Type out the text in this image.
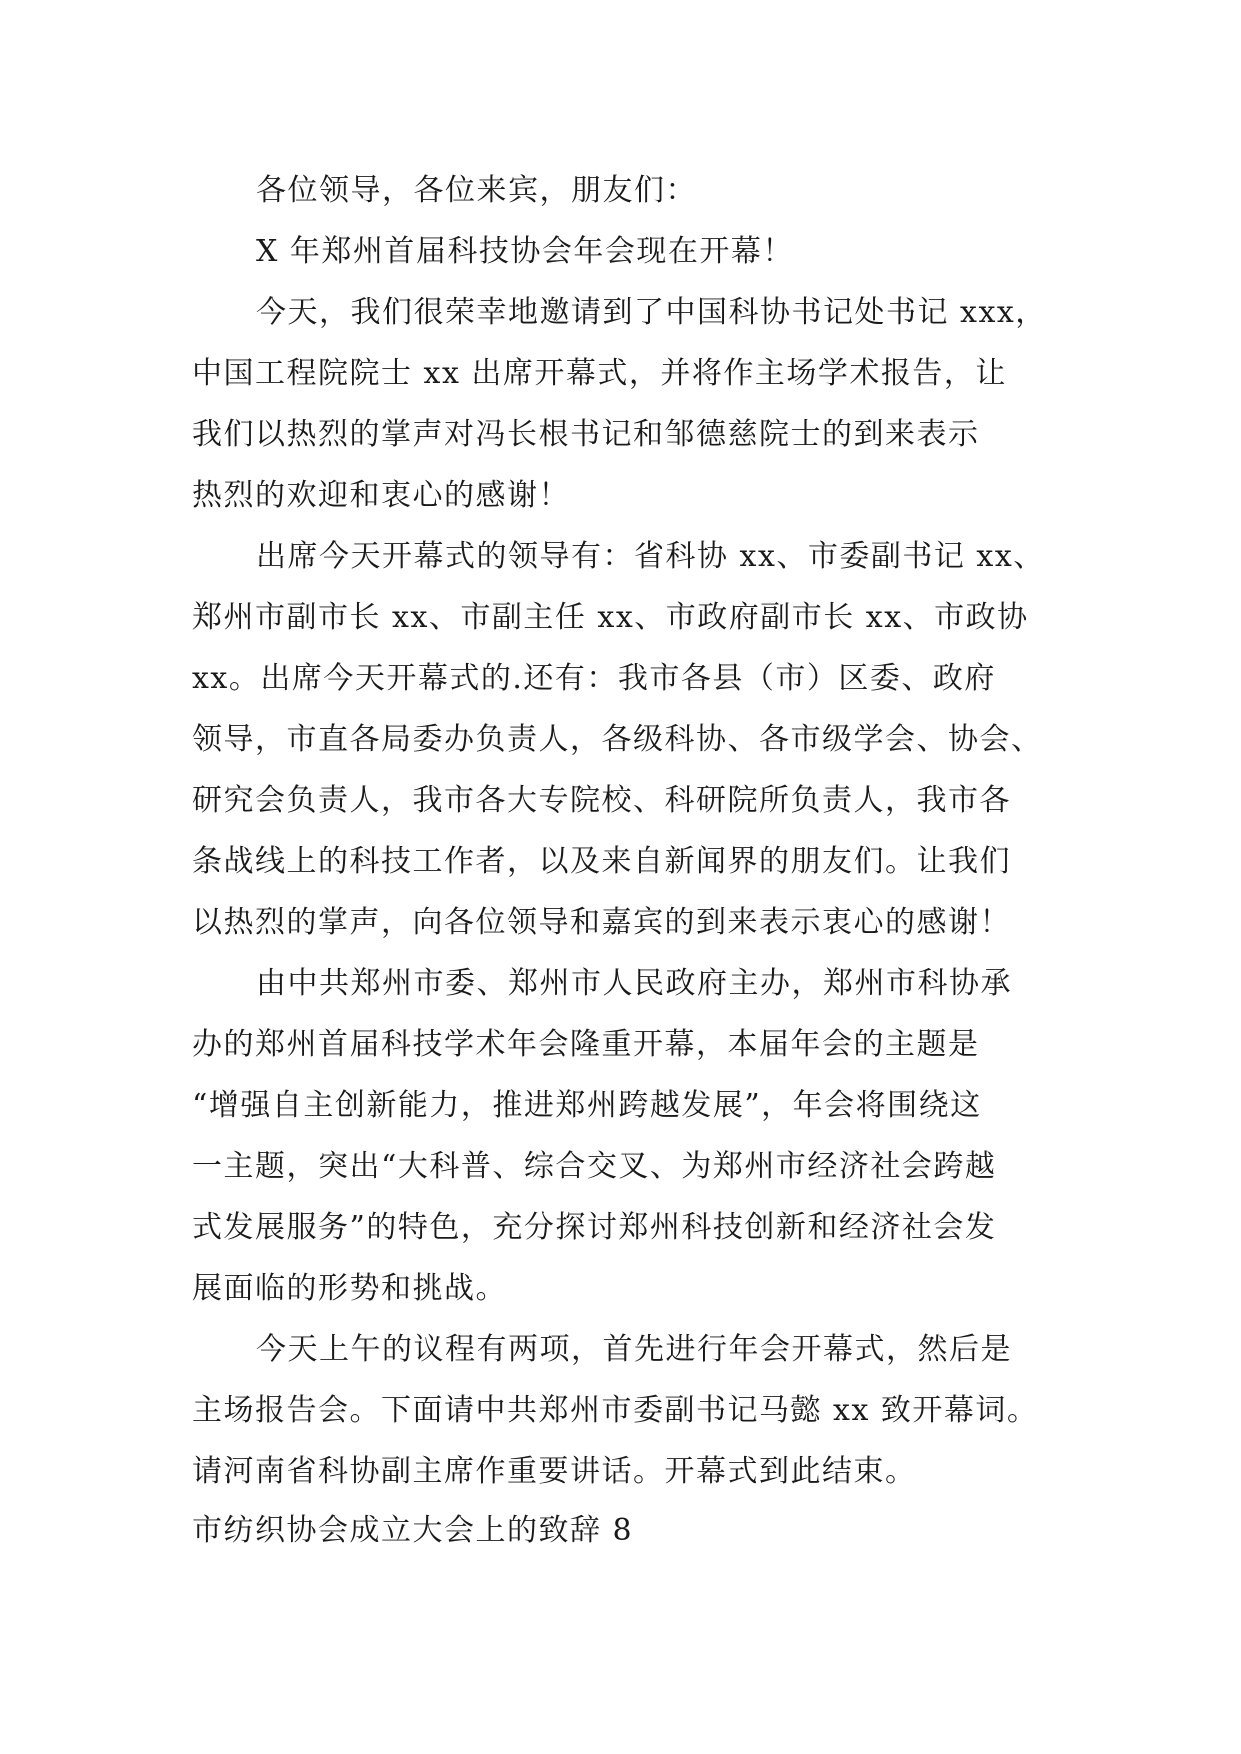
各位领导，各位来宾，朋友们：

X 年郑州首届科技协会年会现在开幕！

今天，我们很荣幸地邀请到了中国科协书记处书记 xxx，
中国工程院院士 xx 出席开幕式，并将作主场学术报告，让
我们以热烈的掌声对冯长根书记和邹德慈院士的到来表示
热烈的欢迎和衷心的感谢！

出席今天开幕式的领导有：省科协 xx、市委副书记 xx、
郑州市副市长 xx、市副主任 xx、市政府副市长 xx、市政协
xx。出席今天开幕式的.还有：我市各县（市）区委、政府
领导，市直各局委办负责人，各级科协、各市级学会、协会、
研究会负责人，我市各大专院校、科研院所负责人，我市各
条战线上的科技工作者，以及来自新闻界的朋友们。让我们
以热烈的掌声，向各位领导和嘉宾的到来表示衷心的感谢！

由中共郑州市委、郑州市人民政府主办，郑州市科协承
办的郑州首届科技学术年会隆重开幕，本届年会的主题是
“增强自主创新能力，推进郑州跨越发展”，年会将围绕这
一主题，突出“大科普、综合交叉、为郑州市经济社会跨越
式发展服务”的特色，充分探讨郑州科技创新和经济社会发
展面临的形势和挑战。

今天上午的议程有两项，首先进行年会开幕式，然后是
主场报告会。下面请中共郑州市委副书记马懿 xx 致开幕词。
请河南省科协副主席作重要讲话。开幕式到此结束。

市纺织协会成立大会上的致辞 8
